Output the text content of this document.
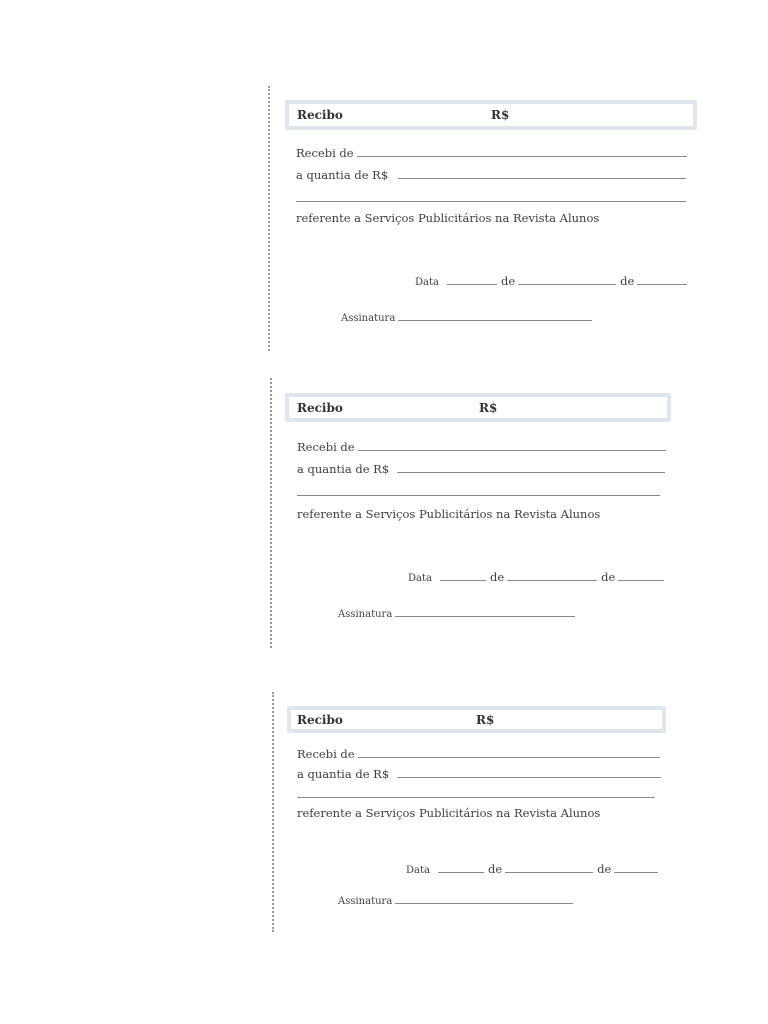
Recibo	R$
Recebi de
a quantia de R$
referente a Serviços Publicitários na Revista Alunos
Data	de	de
Assinatura
Recibo	R$
Recebi de
a quantia de R$
referente a Serviços Publicitários na Revista Alunos
Data	de	de
Assinatura
Recibo	R$
Recebi de
a quantia de R$
referente a Serviços Publicitários na Revista Alunos
Data	de	de
Assinatura
